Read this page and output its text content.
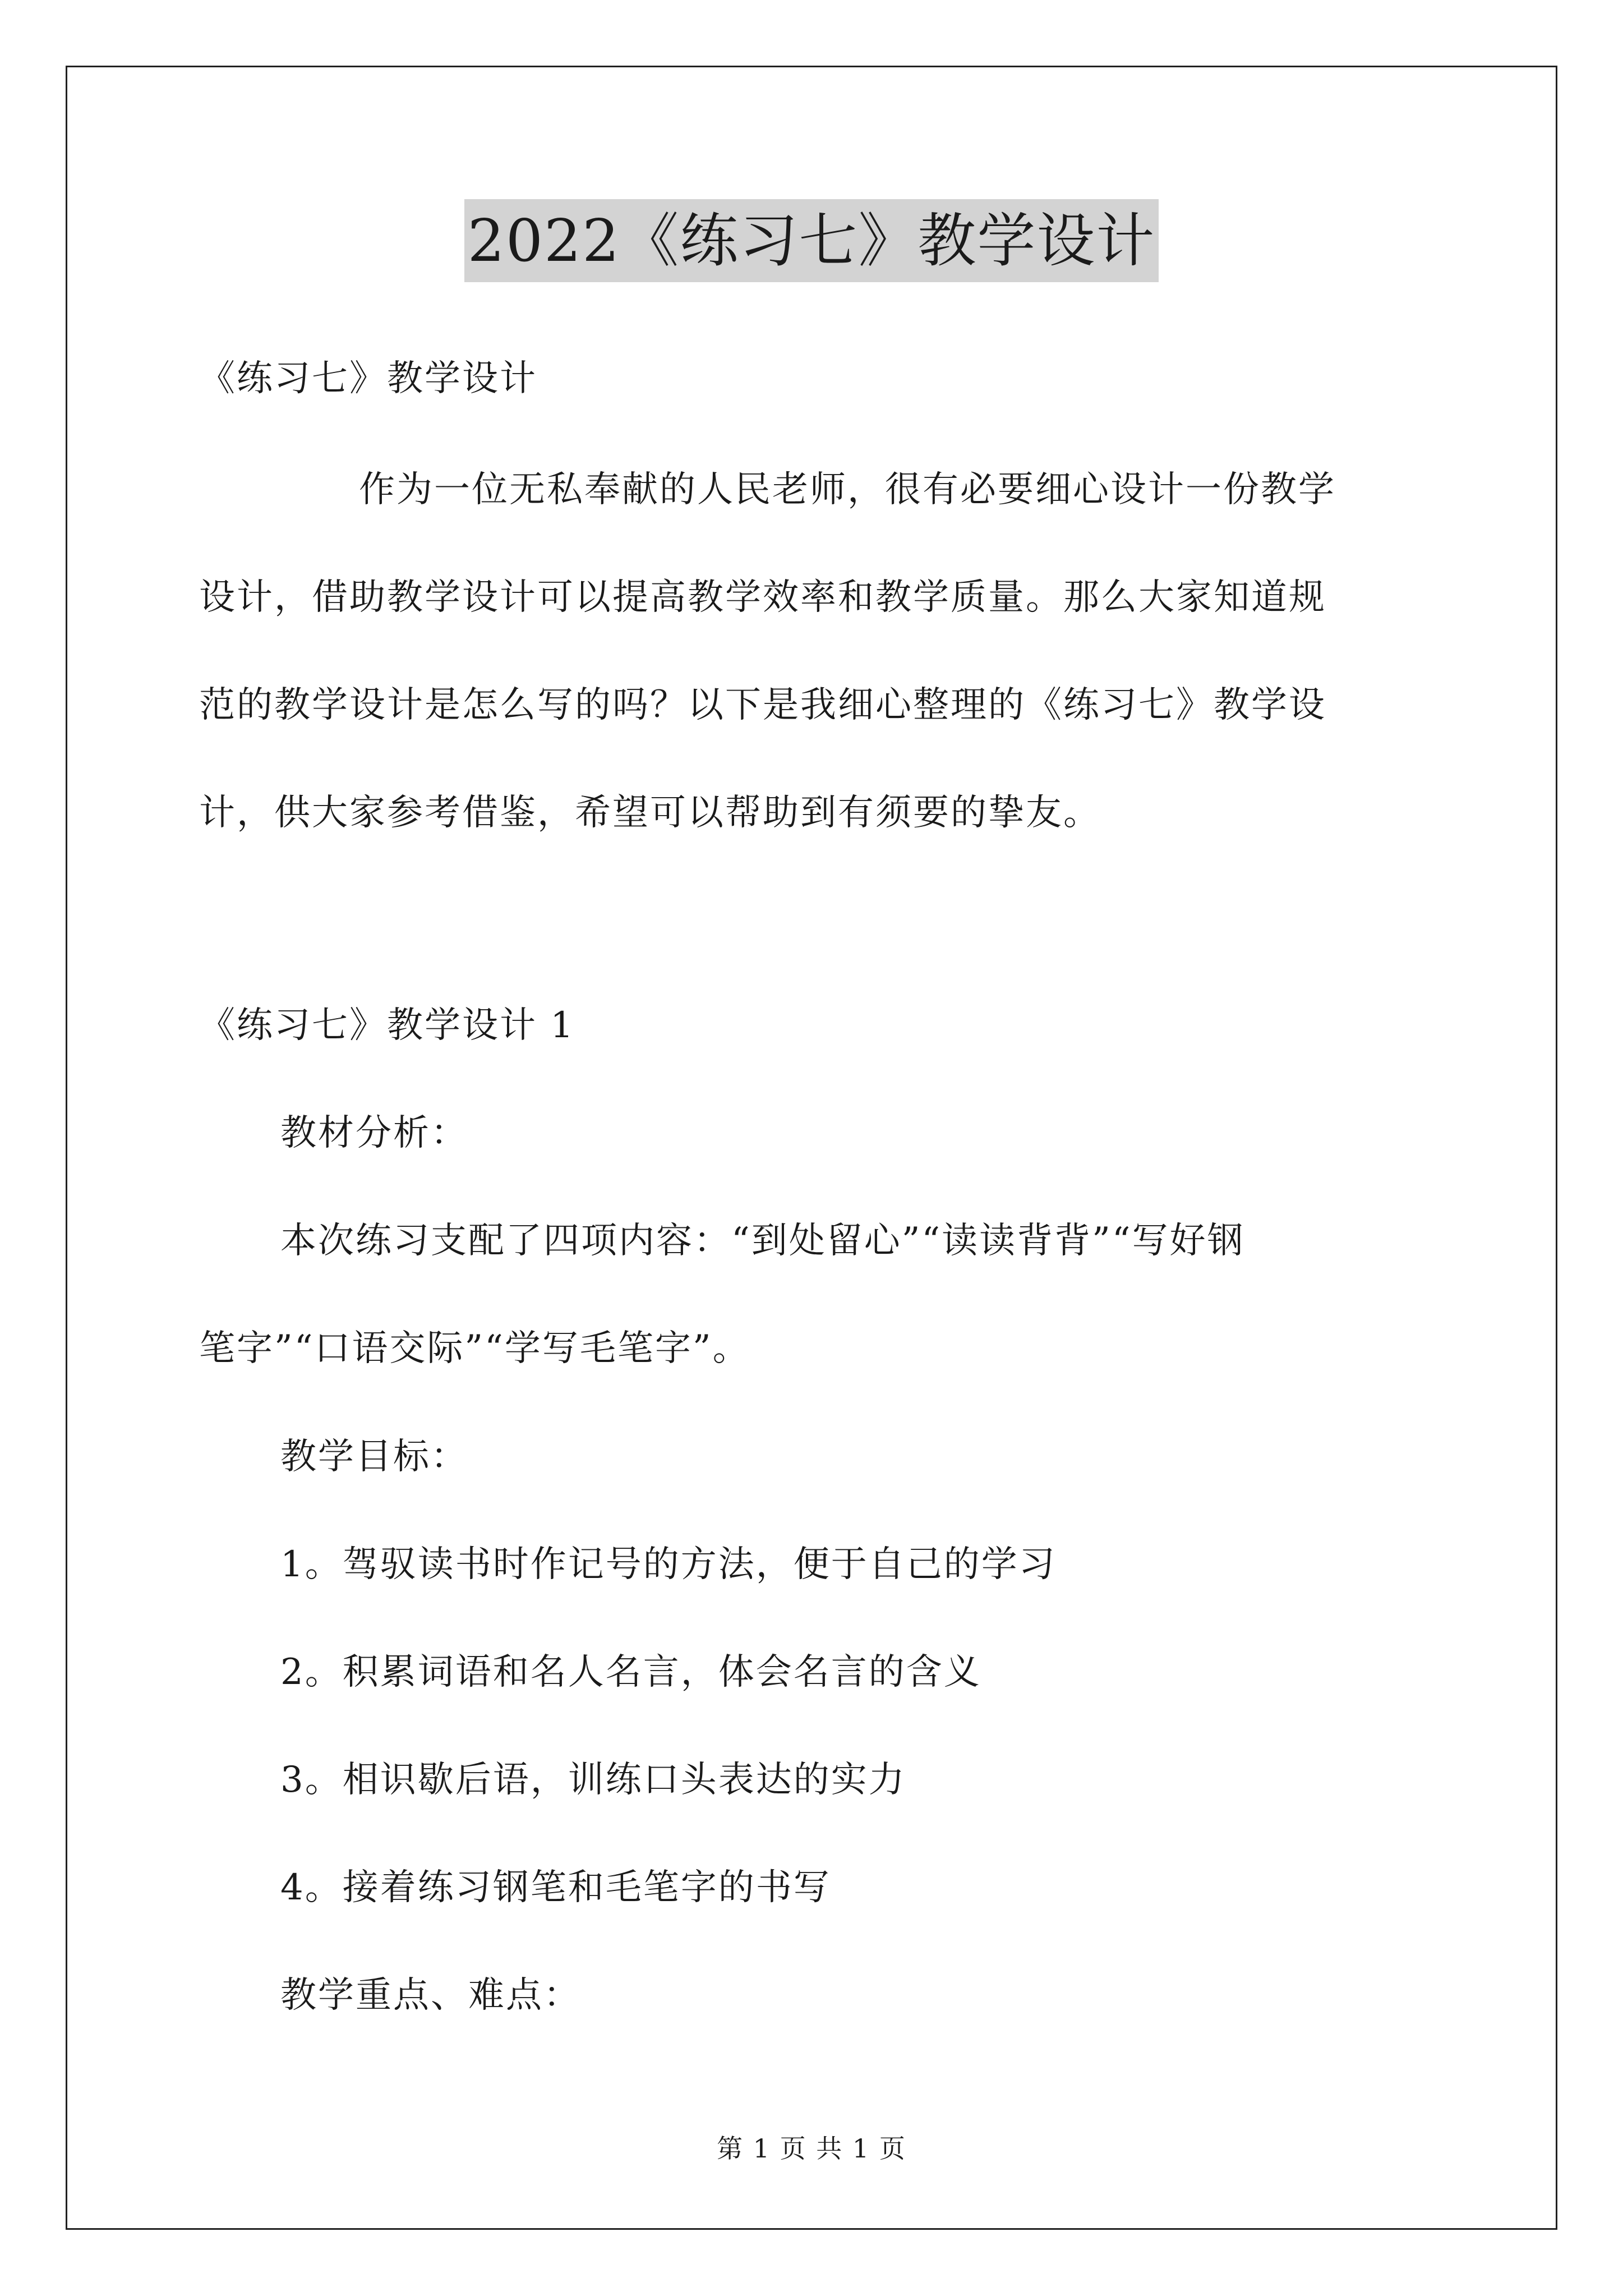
2022《练习七》教学设计
《练习七》教学设计
作为一位无私奉献的人民老师，很有必要细心设计一份教学
设计，借助教学设计可以提高教学效率和教学质量。那么大家知道规
范的教学设计是怎么写的吗？以下是我细心整理的《练习七》教学设
计，供大家参考借鉴，希望可以帮助到有须要的挚友。
《练习七》教学设计 1
教材分析：
本次练习支配了四项内容：“到处留心”“读读背背”“写好钢
笔字”“口语交际”“学写毛笔字”。
教学目标：
1。驾驭读书时作记号的方法，便于自己的学习
2。积累词语和名人名言，体会名言的含义
3。相识歇后语，训练口头表达的实力
4。接着练习钢笔和毛笔字的书写
教学重点、难点：
第 1 页 共 1 页
